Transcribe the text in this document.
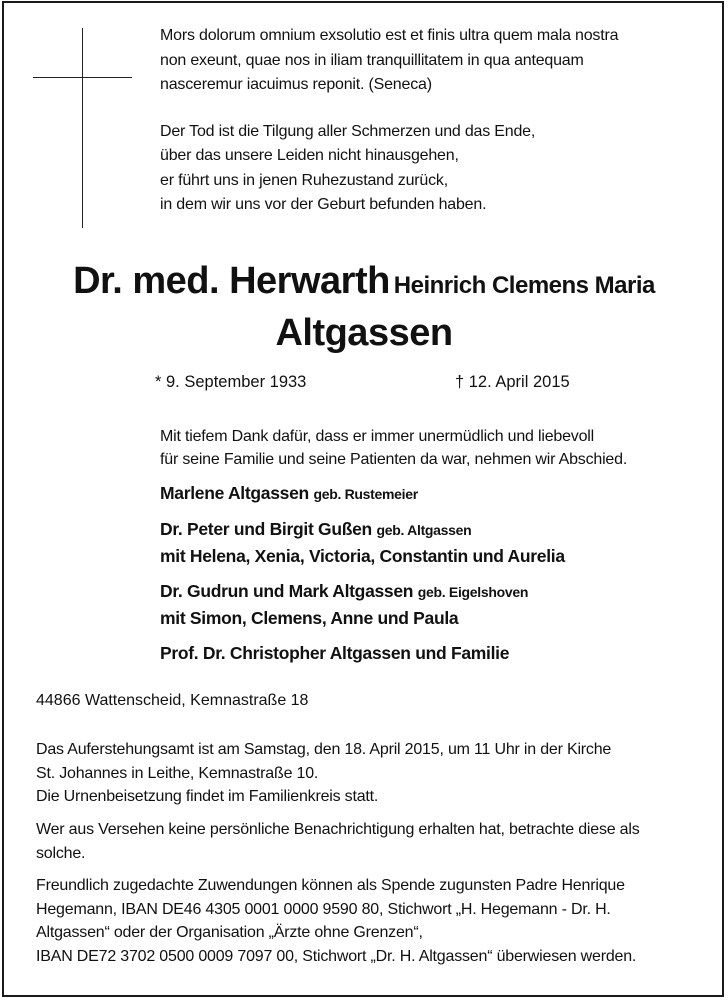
Mors dolorum omnium exsolutio est et finis ultra quem mala nostra

non exeunt, quae nos in iliam tranquillitatem in qua antequam

nasceremur iacuimus reponit. (Seneca)

Der Tod ist die Tilgung aller Schmerzen und das Ende,

über das unsere Leiden nicht hinausgehen,

er führt uns in jenen Ruhezustand zurück,

in dem wir uns vor der Geburt befunden haben.

Dr. med. Herwarth Heinrich Clemens Maria
Altgassen
* 9. September 1933	† 12. April 2015

Mit tiefem Dank dafür, dass er immer unermüdlich und liebevoll

für seine Familie und seine Patienten da war, nehmen wir Abschied.

Marlene Altgassen geb. Rustemeier

Dr. Peter und Birgit Gußen geb. Altgassen

mit Helena, Xenia, Victoria, Constantin und Aurelia

Dr. Gudrun und Mark Altgassen geb. Eigelshoven

mit Simon, Clemens, Anne und Paula

Prof. Dr. Christopher Altgassen und Familie

44866 Wattenscheid, Kemnastraße 18

Das Auferstehungsamt ist am Samstag, den 18. April 2015, um 11 Uhr in der Kirche

St. Johannes in Leithe, Kemnastraße 10.

Die Urnenbeisetzung findet im Familienkreis statt.

Wer aus Versehen keine persönliche Benachrichtigung erhalten hat, betrachte diese als

solche.

Freundlich zugedachte Zuwendungen können als Spende zugunsten Padre Henrique

Hegemann, IBAN DE46 4305 0001 0000 9590 80, Stichwort „H. Hegemann - Dr. H.

Altgassen“ oder der Organisation „Ärzte ohne Grenzen“,

IBAN DE72 3702 0500 0009 7097 00, Stichwort „Dr. H. Altgassen“ überwiesen werden.
